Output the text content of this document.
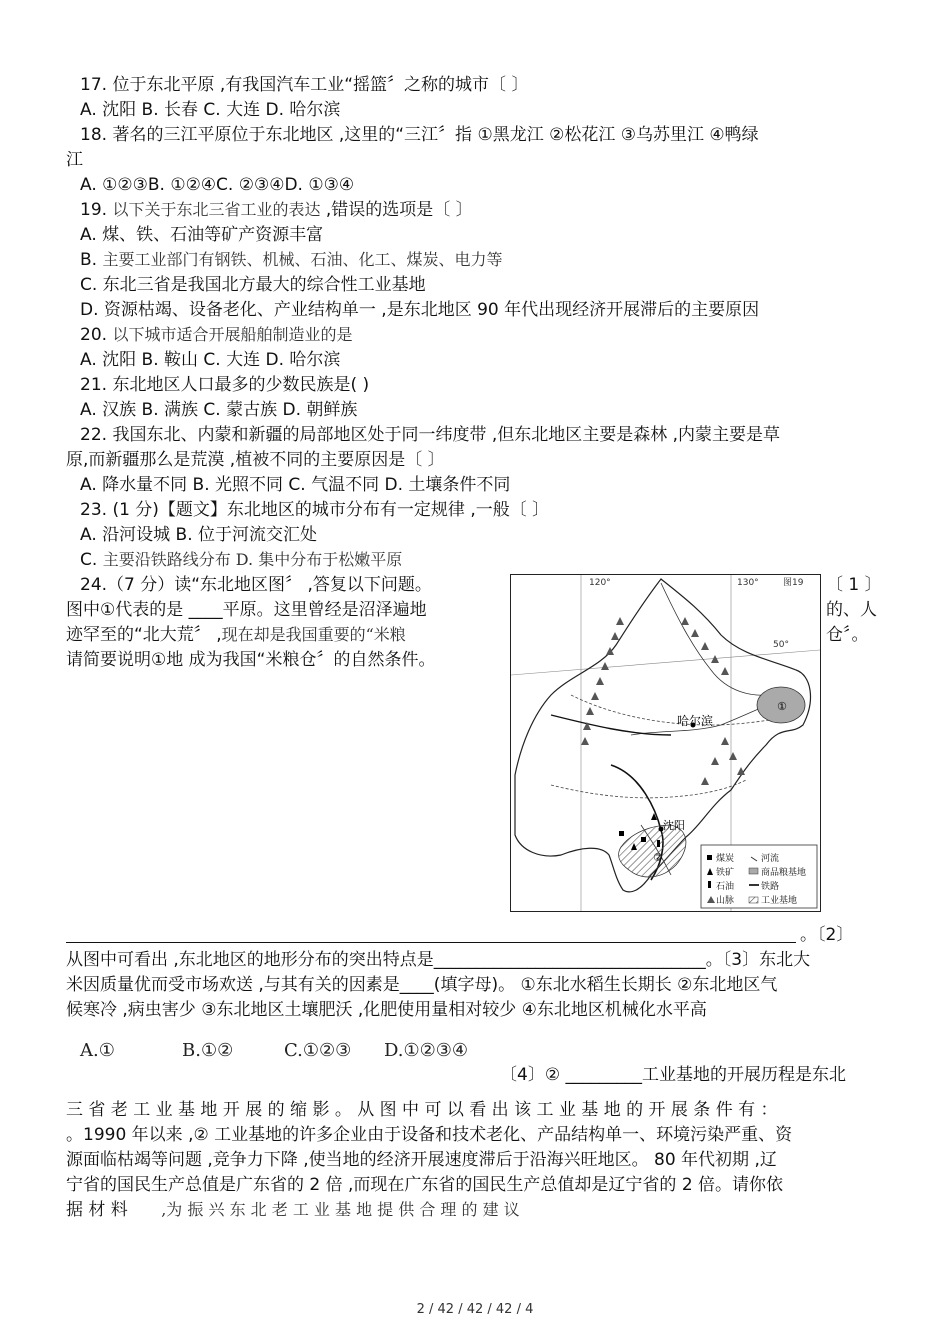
17. 位于东北平原 ,有我国汽车工业“摇篮〞之称的城市〔 〕
A. 沈阳 B. 长春 C. 大连 D. 哈尔滨
18. 著名的三江平原位于东北地区 ,这里的“三江〞指 ①黑龙江 ②松花江 ③乌苏里江 ④鸭绿
江
A. ①②③B. ①②④C. ②③④D. ①③④
19. 以下关于东北三省工业的表达 ,错误的选项是〔 〕
A. 煤、铁、石油等矿产资源丰富
B. 主要工业部门有钢铁、机械、石油、化工、煤炭、电力等
C. 东北三省是我国北方最大的综合性工业基地
D. 资源枯竭、设备老化、产业结构单一 ,是东北地区 90 年代出现经济开展滞后的主要原因
20. 以下城市适合开展船舶制造业的是
A. 沈阳 B. 鞍山 C. 大连 D. 哈尔滨
21. 东北地区人口最多的少数民族是( )
A. 汉族 B. 满族 C. 蒙古族 D. 朝鲜族
22. 我国东北、内蒙和新疆的局部地区处于同一纬度带 ,但东北地区主要是森林 ,内蒙主要是草
原,而新疆那么是荒漠 ,植被不同的主要原因是〔 〕
A. 降水量不同 B. 光照不同 C. 气温不同 D. 土壤条件不同
23. (1 分)【题文】东北地区的城市分布有一定规律 ,一般〔 〕
A. 沿河设城 B. 位于河流交汇处
C. 主要沿铁路线分布 D. 集中分布于松嫩平原
24.（7 分）读“东北地区图〞 ,答复以下问题。	〔 1 〕
图中①代表的是 ____平原。这里曾经是沼泽遍地	的、人
迹罕至的“北大荒〞 ,现在却是我国重要的“米粮	仓〞。
请简要说明①地 成为我国“米粮仓〞的自然条件。
120°	130°
50°
图19
①
哈尔滨
②
沈阳
煤炭
铁矿
石油
山脉
河流
商品粮基地
铁路
工业基地
。〔2〕
从图中可看出 ,东北地区的地形分布的突出特点是________________________________。〔3〕东北大
米因质量优而受市场欢送 ,与其有关的因素是____(填字母)。 ①东北水稻生长期长 ②东北地区气
候寒冷 ,病虫害少 ③东北地区土壤肥沃 ,化肥使用量相对较少 ④东北地区机械化水平高
A.①	B.①②	C.①②③ D.①②③④
〔4〕② _________工业基地的开展历程是东北
三 省 老 工 业 基 地 开 展 的 缩 影 。 从 图 中 可 以 看 出 该 工 业 基 地 的 开 展 条 件 有 ：
。1990 年以来 ,② 工业基地的许多企业由于设备和技术老化、产品结构单一、环境污染严重、资
源面临枯竭等问题 ,竞争力下降 ,使当地的经济开展速度滞后于沿海兴旺地区。 80 年代初期 ,辽
宁省的国民生产总值是广东省的 2 倍 ,而现在广东省的国民生产总值却是辽宁省的 2 倍。请你依
据 材 料 ,为 振 兴 东 北 老 工 业 基 地 提 供 合 理 的 建 议
2 / 42 / 42 / 42 / 4
